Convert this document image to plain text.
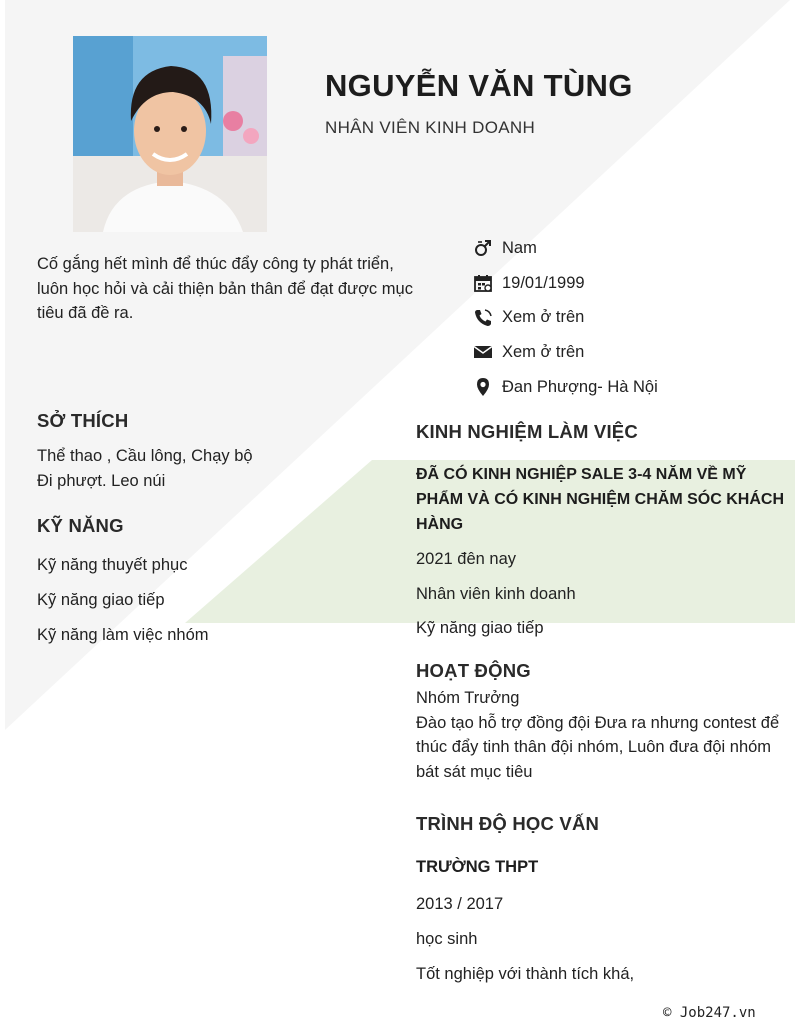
NGUYỄN VĂN TÙNG
NHÂN VIÊN KINH DOANH
Cố gắng hết mình để thúc đẩy công ty phát triển, luôn học hỏi và cải thiện bản thân để đạt được mục tiêu đã đề ra.
Nam
19/01/1999
Xem ở trên
Xem ở trên
Đan Phượng- Hà Nội
SỞ THÍCH
Thể thao , Cầu lông, Chạy bộ
Đi phượt. Leo núi
KỸ NĂNG
Kỹ năng thuyết phục
Kỹ năng giao tiếp
Kỹ năng làm việc nhóm
KINH NGHIỆM LÀM VIỆC
ĐÃ CÓ KINH NGHIỆP SALE 3-4 NĂM VỀ MỸ PHẨM VÀ CÓ KINH NGHIỆM CHĂM SÓC KHÁCH HÀNG
2021 đên nay
Nhân viên kinh doanh
Kỹ năng giao tiếp
HOẠT ĐỘNG
Nhóm Trưởng
Đào tạo hỗ trợ đồng đội Đưa ra nhưng contest để thúc đẩy tinh thân đội nhóm, Luôn đưa đội nhóm bát sát mục tiêu
TRÌNH ĐỘ HỌC VẤN
TRƯỜNG THPT
2013 / 2017
học sinh
Tốt nghiệp với thành tích khá,
© Job247.vn
